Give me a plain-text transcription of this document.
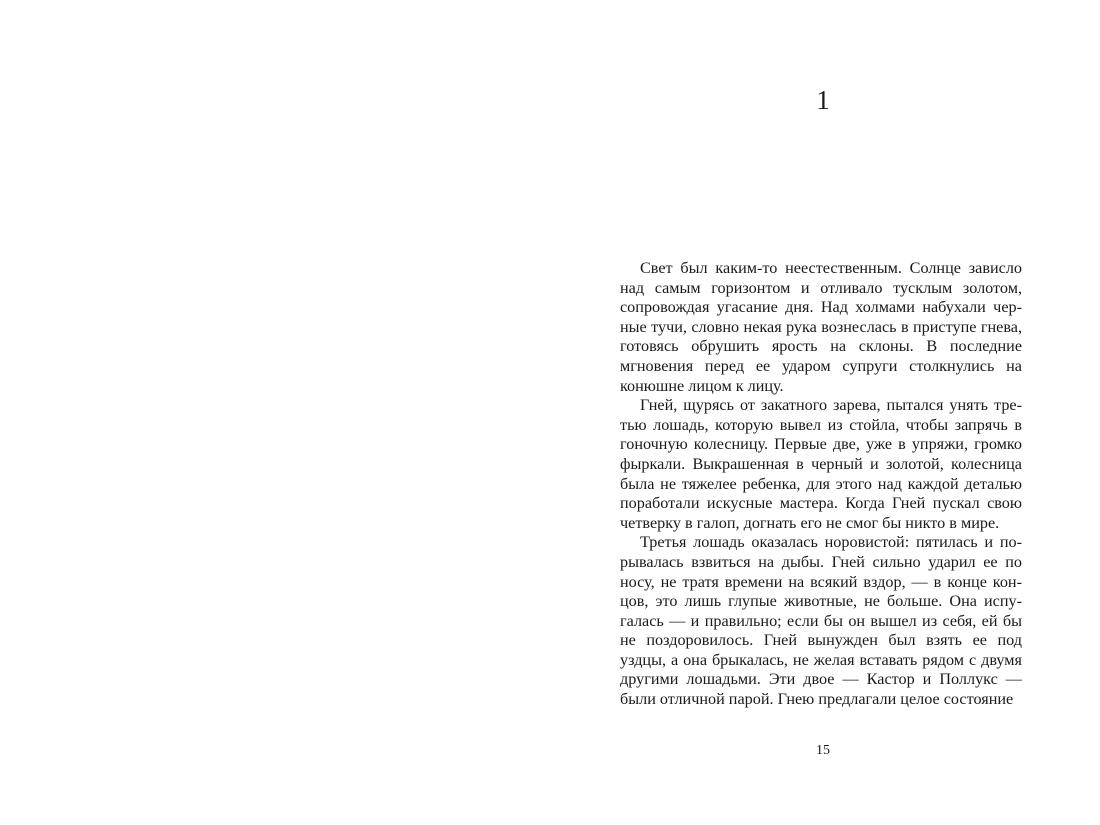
1

Свет был каким-то неестественным. Солнце зависло над самым горизонтом и отливало тусклым золотом, сопровождая угасание дня. Над холмами набухали черные тучи, словно некая рука вознеслась в приступе гнева, готовясь обрушить ярость на склоны. В последние мгновения перед ее ударом супруги столкнулись на конюшне лицом к лицу.

Гней, щурясь от закатного зарева, пытался унять третью лошадь, которую вывел из стойла, чтобы запрячь в гоночную колесницу. Первые две, уже в упряжи, громко фыркали. Выкрашенная в черный и золотой, колесница была не тяжелее ребенка, для этого над каждой деталью поработали искусные мастера. Когда Гней пускал свою четверку в галоп, догнать его не смог бы никто в мире.

Третья лошадь оказалась норовистой: пятилась и порывалась взвиться на дыбы. Гней сильно ударил ее по носу, не тратя времени на всякий вздор, — в конце концов, это лишь глупые животные, не больше. Она испугалась — и правильно; если бы он вышел из себя, ей бы не поздоровилось. Гней вынужден был взять ее под уздцы, а она брыкалась, не желая вставать рядом с двумя другими лошадьми. Эти двое — Кастор и Поллукс — были отличной парой. Гнею предлагали целое состояние

15
